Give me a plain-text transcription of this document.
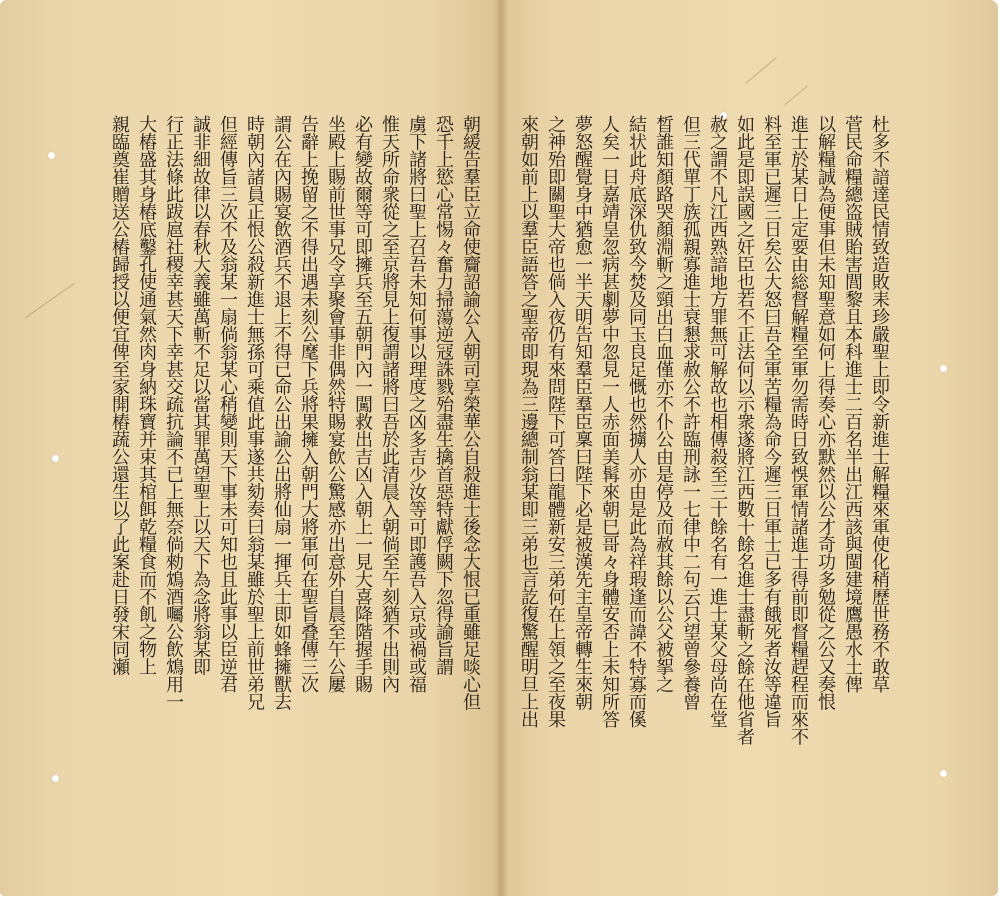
杜多不諳達民情致造敗耒珍嚴聖上即令新進士解糧來軍使化稍歷世務不敢草
菅民命糧總盗賊貽害閭黎且本科進士二百名半出江西該與閩建境鷹愚水土俾
以解糧誠為便事但未知聖意如何上得奏心亦默然以公才奇功多勉從之公又奏恨
進士於某日上定要由総督解糧至軍勿需時日致悞軍情諸進士得前即督糧趕程而來不
料至軍已遲三日矣公大怒曰吾全軍苦糧為命今遲三日軍士已多有餓死者汝等違旨
如此是即誤國之奸臣也若不正法何以示衆遂將江西數十餘名進士盡斬之餘在他省者
赦之謂不凡江西熟諳地方罪無可解故也相傳殺至三十餘名有一進士某父母尚在堂
但三代單丁族孤親寡進士衰懇求赦公不許臨刑詠一七律中二句云只望曾參養曾
晳誰知顏路哭顏淵斬之頸出白血僅亦不仆公由是停及而赦其餘以公父被挐之
結状此舟底深仇致今焚及同玉良足慨也然擄人亦由是此為祥瑕逢而諱不特寡而傒
人矣一日嘉靖皇忽病甚劇夢中忽見一人赤面美髯來朝巳哥々身體安否上未知所答
夢怒醒覺身中猶愈一半天明告知羣臣羣臣稟曰陛下必是被漢先主皇帝轉生來朝
之神殆即關聖大帝也倘入夜仍有來問陛下可答曰龍體新安三弟何在上領之至夜果
來朝如前上以羣臣語答之聖帝即現為三邊總制翁某即三弟也言訖復驚醒明旦上出
朝緩告羣臣立命使齎詔諭公入朝司享榮華公自殺進士後念大恨已重雖足啖心但
恐千上慾心常惕々奮力掃蕩逆冦誅戮殆盡生擒首惡特獻俘闕下忽得諭旨謂
虜下諸將曰聖上召吾未知何事以理度之凶多吉少汝等可即護吾入京或禍或福
惟天所命衆從之至京將見上復謂諸將曰吾於此清晨入朝倘至午刻猶不出則內
必有變故爾等可即擁兵至五朝門內一闖救出吉凶入朝上一見大喜降階握手賜
坐殿上賜前世事兄令享聚會事非偶然特賜宴飲公驚感亦出意外自晨至午公屢
告辭上挽留之不得出遇未刻公麾下兵將果擁入朝門大將軍何在聖旨叠傳三次
謂公在內賜宴飲酒兵不退上不得已命公出諭公出將仙扇一揮兵士即如蜂擁獸去
時朝內諸員正恨公殺新進士無孫可乘值此事遂共劾奏曰翁某雖於聖上前世弟兄
但經傳旨三次不及翁某一扇倘翁某心稍變則天下事未可知也且此事以臣逆君
誠非細故律以春秋大義雖萬斬不足以當其罪萬望聖上以天下為念將翁某即
行正法條此跋扈社稷幸甚天下幸甚交疏抗論不已上無奈倘勑鴆酒囑公飲鴆用一
大樁盛其身樁底鑿孔使通氣然肉身納珠寶并束其棺餌乾糧食而不飢之物上
親臨奠崔贈送公樁歸授以便宜俾至家開樁蔬公還生以了此案赴日發宋同瀬
